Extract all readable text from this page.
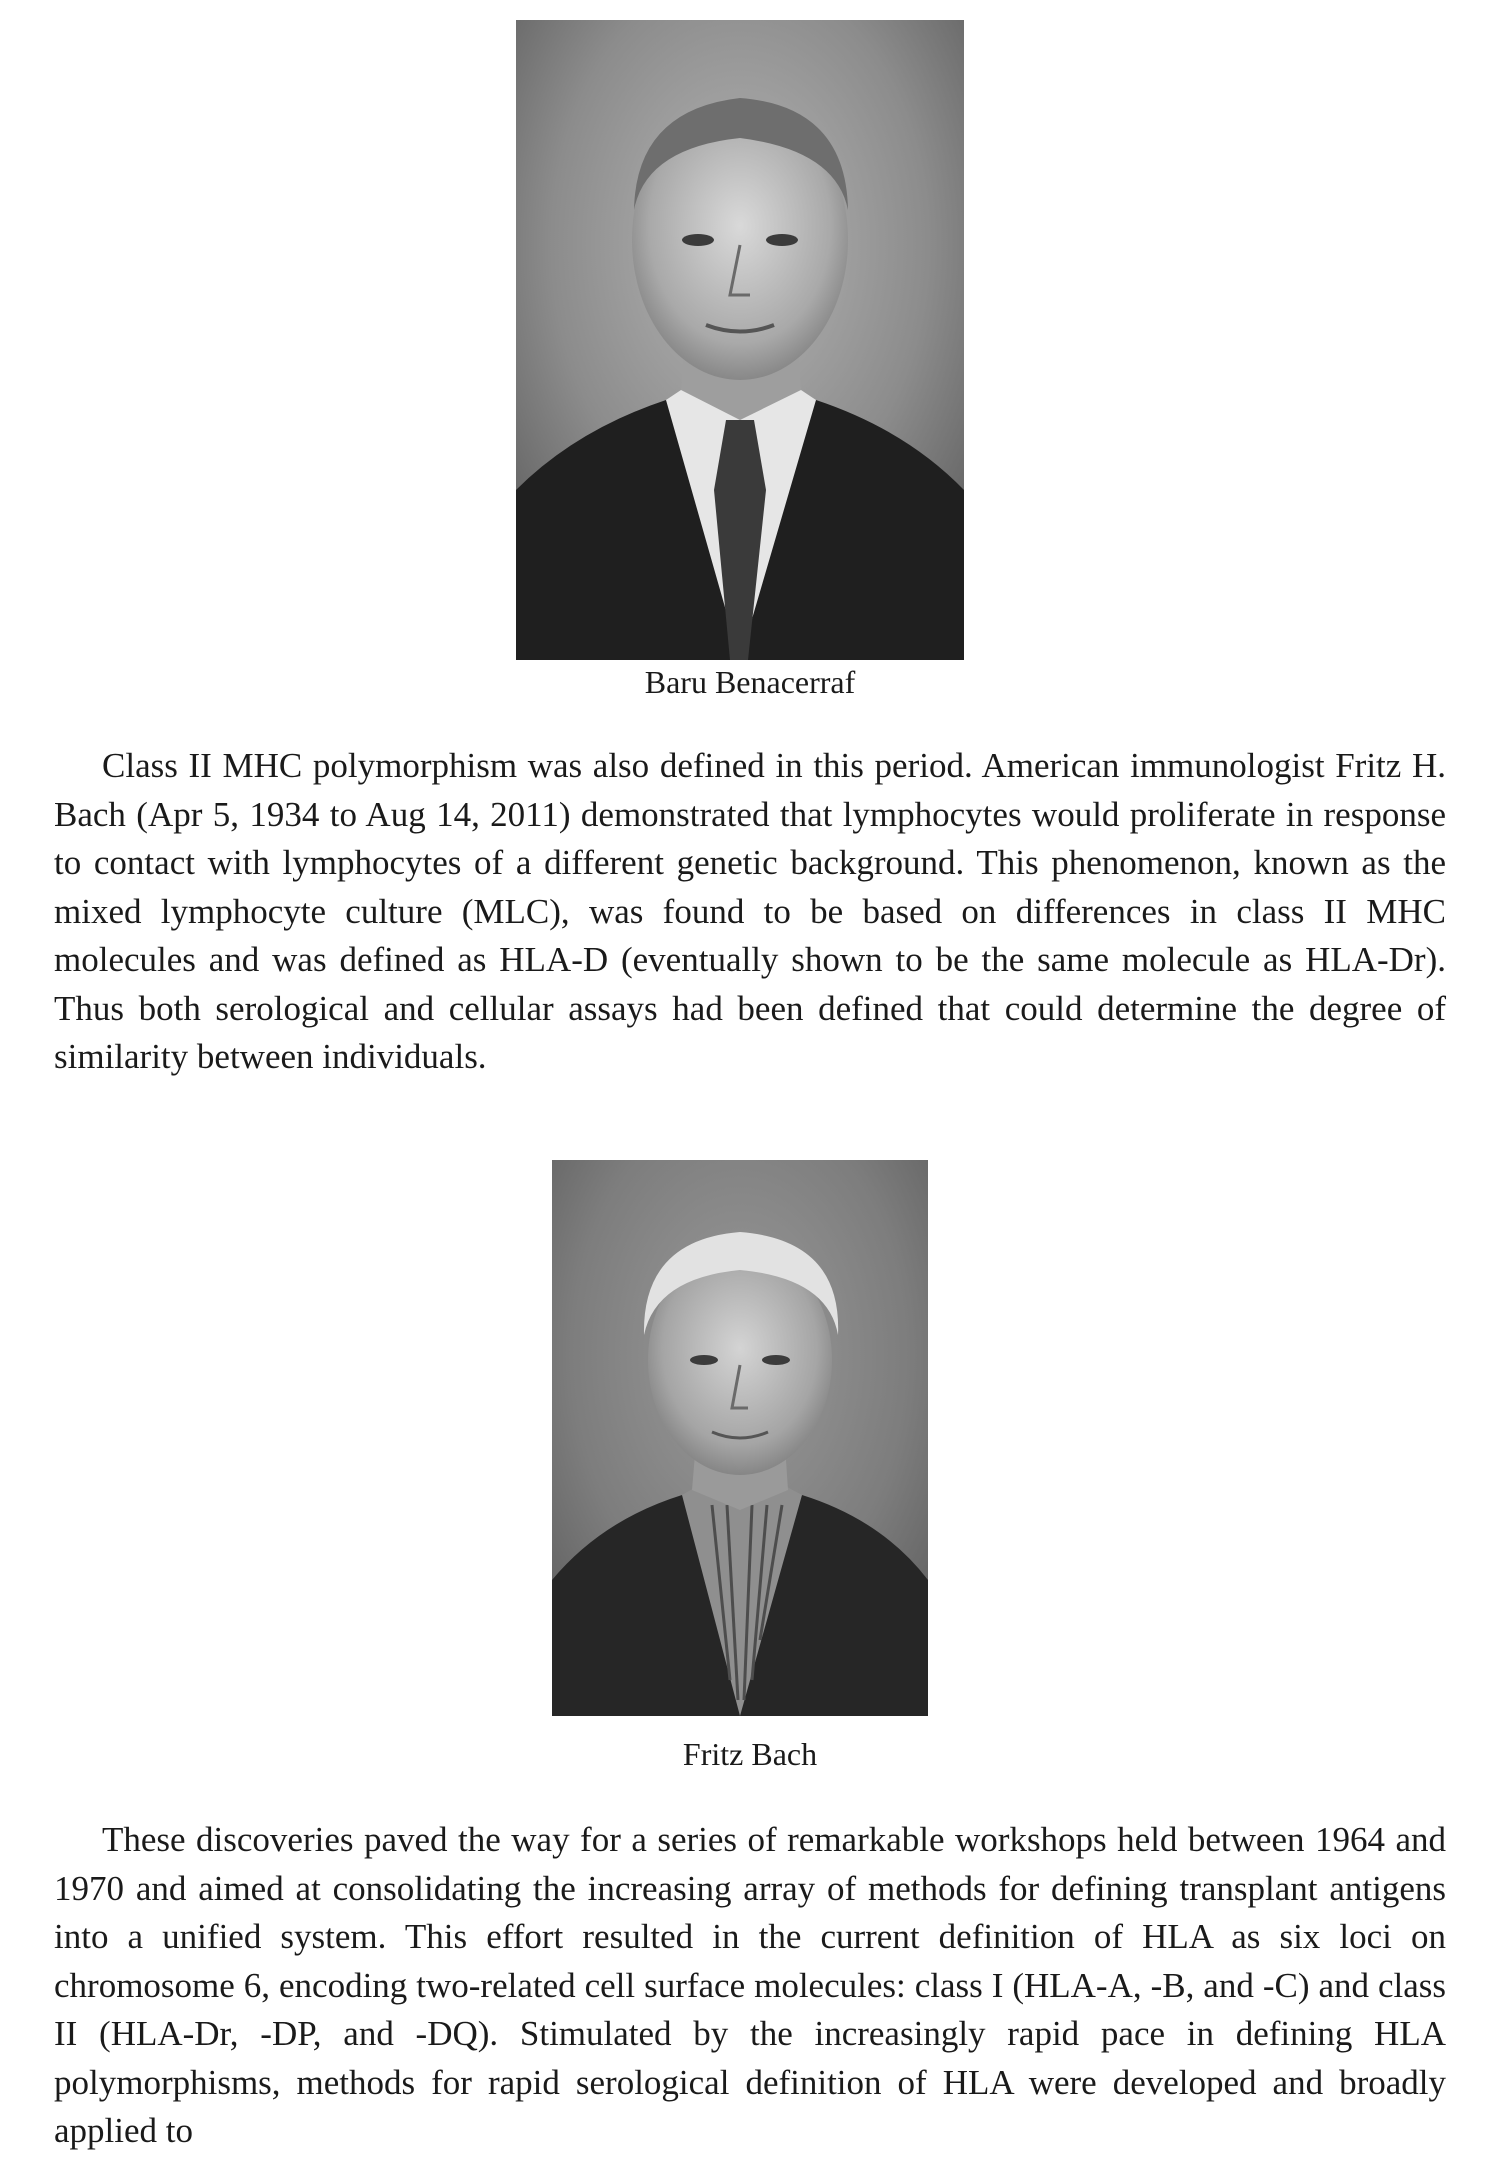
Baru Benacerraf

Class II MHC polymorphism was also defined in this period. American immunologist Fritz H. Bach (Apr 5, 1934 to Aug 14, 2011) demonstrated that lymphocytes would proliferate in response to contact with lymphocytes of a different genetic background. This phenomenon, known as the mixed lymphocyte culture (MLC), was found to be based on differences in class II MHC molecules and was defined as HLA-D (eventually shown to be the same molecule as HLA-Dr). Thus both serological and cellular assays had been defined that could determine the degree of similarity between individuals.

Fritz Bach

These discoveries paved the way for a series of remarkable workshops held between 1964 and 1970 and aimed at consolidating the increasing array of methods for defining transplant antigens into a unified system. This effort resulted in the current definition of HLA as six loci on chromosome 6, encoding two-related cell surface molecules: class I (HLA-A, -B, and -C) and class II (HLA-Dr, -DP, and -DQ). Stimulated by the increasingly rapid pace in defining HLA polymorphisms, methods for rapid serological definition of HLA were developed and broadly applied to
